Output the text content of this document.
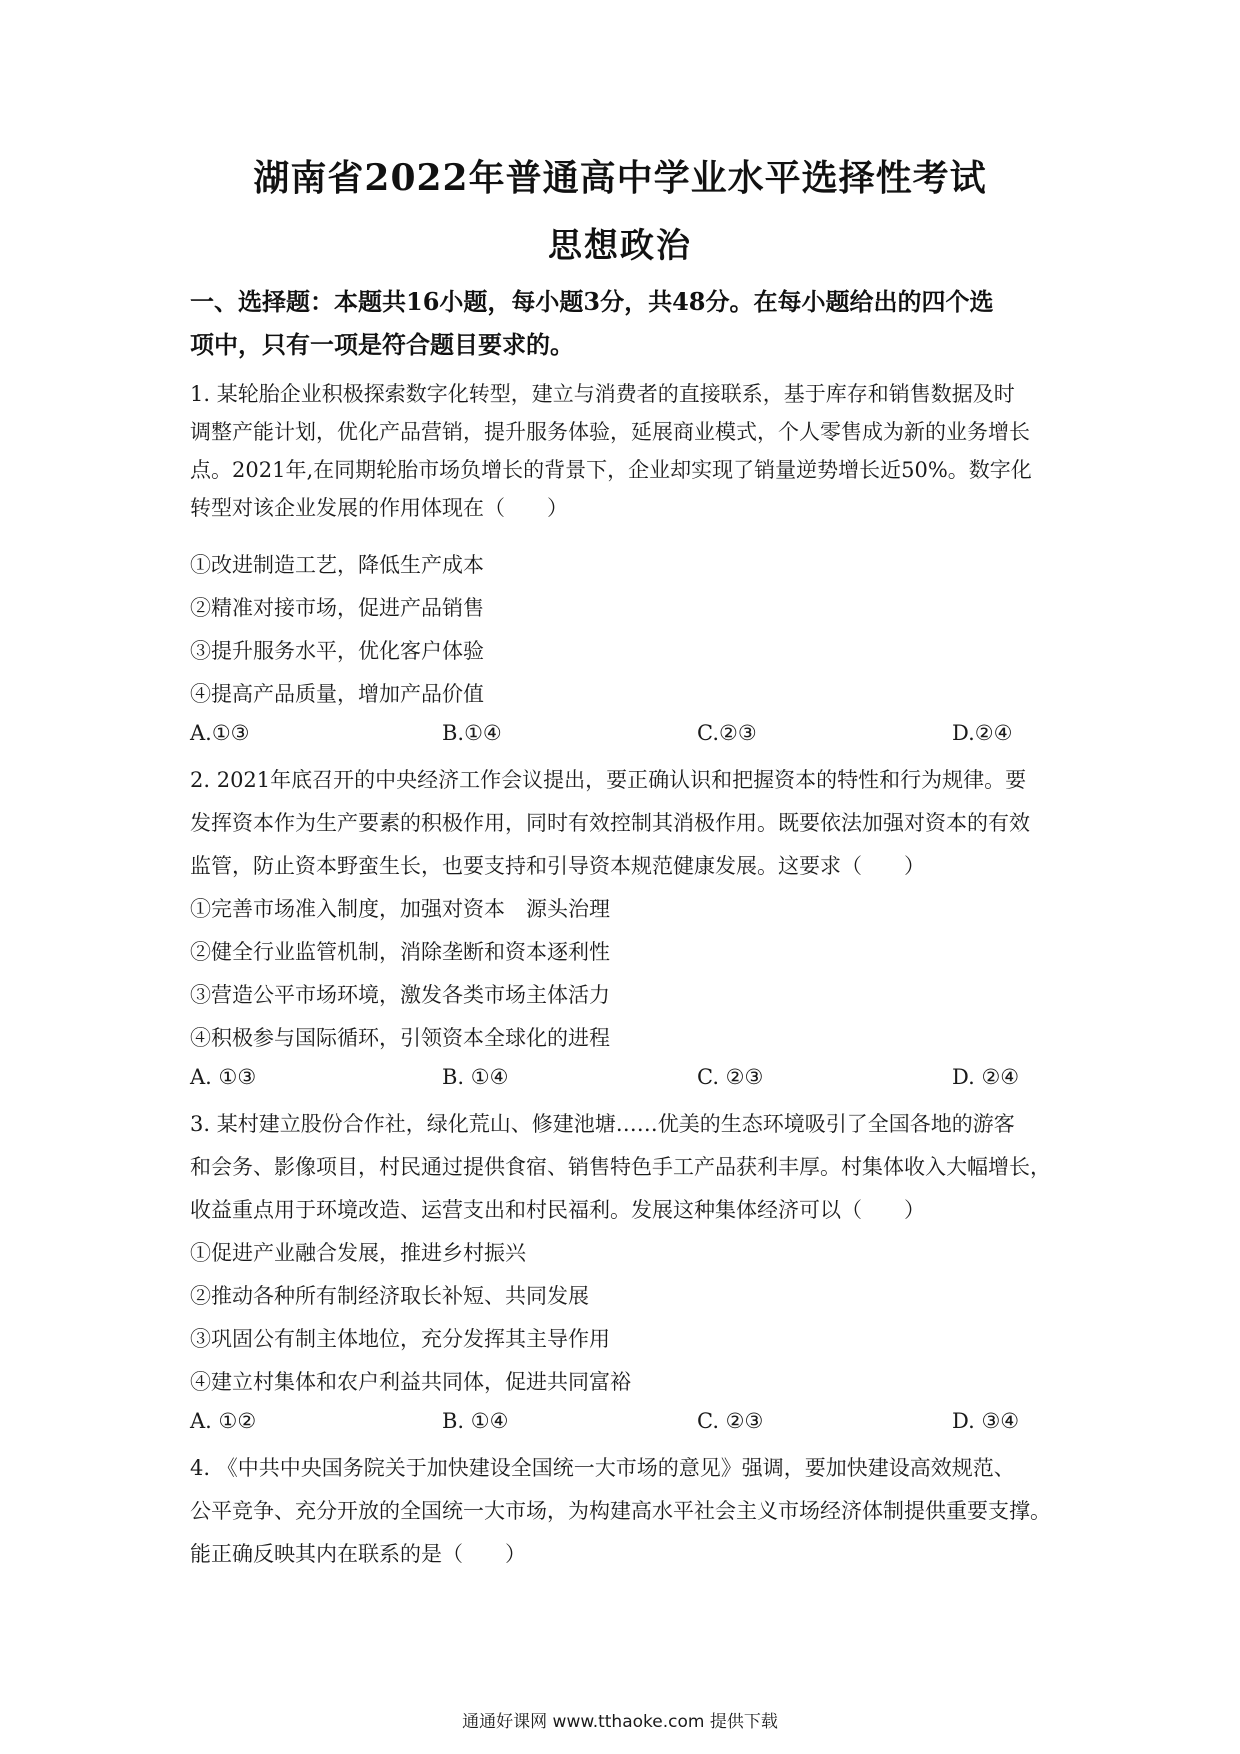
湖南省2022年普通高中学业水平选择性考试
思想政治
一、选择题：本题共16小题，每小题3分，共48分。在每小题给出的四个选
项中，只有一项是符合题目要求的。
1. 某轮胎企业积极探索数字化转型，建立与消费者的直接联系，基于库存和销售数据及时
调整产能计划，优化产品营销，提升服务体验，延展商业模式，个人零售成为新的业务增长
点。2021年,在同期轮胎市场负增长的背景下，企业却实现了销量逆势增长近50%。数字化
转型对该企业发展的作用体现在（　　）
①改进制造工艺，降低生产成本
②精准对接市场，促进产品销售
③提升服务水平，优化客户体验
④提高产品质量，增加产品价值
A.①③	B.①④	C.②③	D.②④
2. 2021年底召开的中央经济工作会议提出，要正确认识和把握资本的特性和行为规律。要
发挥资本作为生产要素的积极作用，同时有效控制其消极作用。既要依法加强对资本的有效
监管，防止资本野蛮生长，也要支持和引导资本规范健康发展。这要求（　　）
①完善市场准入制度，加强对资本　源头治理
②健全行业监管机制，消除垄断和资本逐利性
③营造公平市场环境，激发各类市场主体活力
④积极参与国际循环，引领资本全球化的进程
A. ①③	B. ①④	C. ②③	D. ②④
3. 某村建立股份合作社，绿化荒山、修建池塘……优美的生态环境吸引了全国各地的游客
和会务、影像项目，村民通过提供食宿、销售特色手工产品获利丰厚。村集体收入大幅增长，
收益重点用于环境改造、运营支出和村民福利。发展这种集体经济可以（　　）
①促进产业融合发展，推进乡村振兴
②推动各种所有制经济取长补短、共同发展
③巩固公有制主体地位，充分发挥其主导作用
④建立村集体和农户利益共同体，促进共同富裕
A. ①②	B. ①④	C. ②③	D. ③④
4. 《中共中央国务院关于加快建设全国统一大市场的意见》强调，要加快建设高效规范、
公平竞争、充分开放的全国统一大市场，为构建高水平社会主义市场经济体制提供重要支撑。
能正确反映其内在联系的是（　　）
通通好课网 www.tthaoke.com 提供下载
